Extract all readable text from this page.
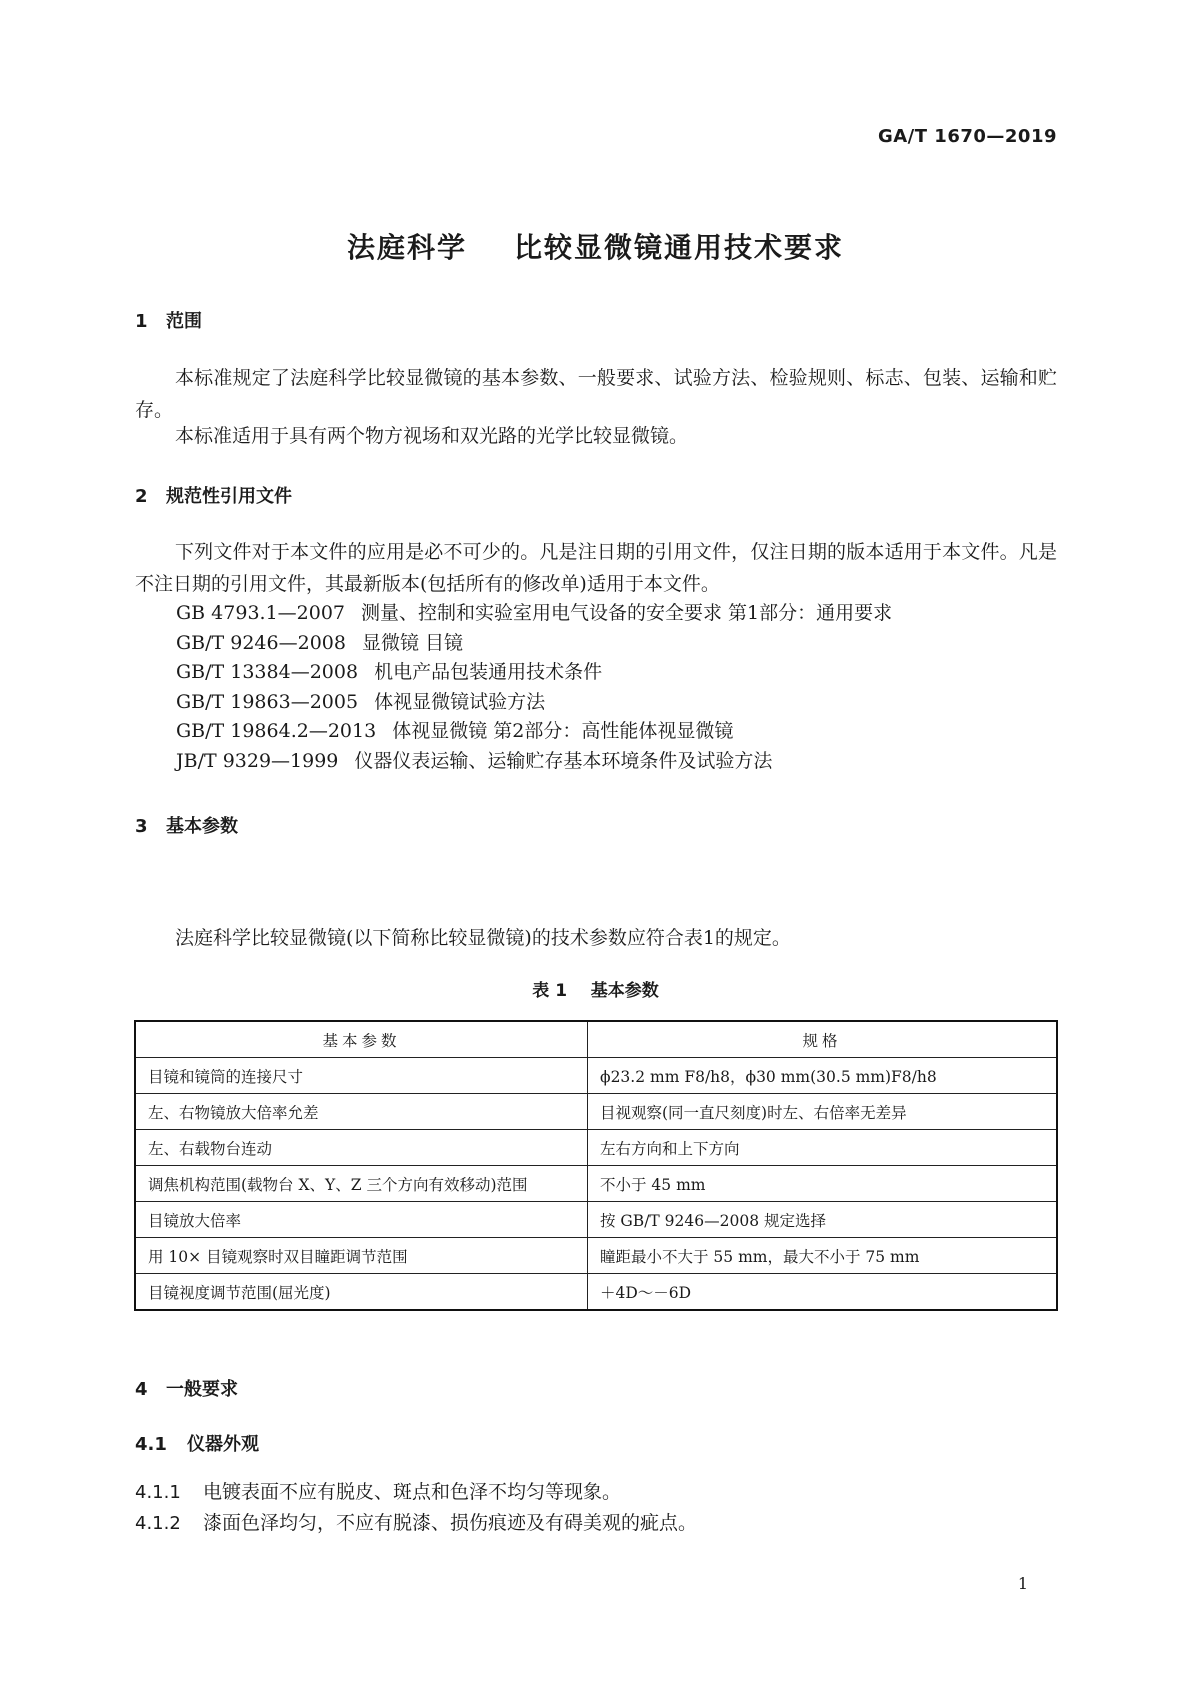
GA/T 1670—2019
法庭科学    比较显微镜通用技术要求
1 范围
本标准规定了法庭科学比较显微镜的基本参数、一般要求、试验方法、检验规则、标志、包装、运输和贮存。
本标准适用于具有两个物方视场和双光路的光学比较显微镜。
2 规范性引用文件
下列文件对于本文件的应用是必不可少的。凡是注日期的引用文件，仅注日期的版本适用于本文件。凡是不注日期的引用文件，其最新版本(包括所有的修改单)适用于本文件。
GB 4793.1—2007 测量、控制和实验室用电气设备的安全要求 第1部分：通用要求
GB/T 9246—2008 显微镜 目镜
GB/T 13384—2008 机电产品包装通用技术条件
GB/T 19863—2005 体视显微镜试验方法
GB/T 19864.2—2013 体视显微镜 第2部分：高性能体视显微镜
JB/T 9329—1999 仪器仪表运输、运输贮存基本环境条件及试验方法
3 基本参数
法庭科学比较显微镜(以下简称比较显微镜)的技术参数应符合表1的规定。
表 1    基本参数
基本参数	规格
目镜和镜筒的连接尺寸	ϕ23.2 mm F8/h8，ϕ30 mm(30.5 mm)F8/h8
左、右物镜放大倍率允差	目视观察(同一直尺刻度)时左、右倍率无差异
左、右载物台连动	左右方向和上下方向
调焦机构范围(载物台 X、Y、Z 三个方向有效移动)范围	不小于 45 mm
目镜放大倍率	按 GB/T 9246—2008 规定选择
用 10× 目镜观察时双目瞳距调节范围	瞳距最小不大于 55 mm，最大不小于 75 mm
目镜视度调节范围(屈光度)	＋4D～－6D
4 一般要求
4.1 仪器外观
4.1.1 电镀表面不应有脱皮、斑点和色泽不均匀等现象。
4.1.2 漆面色泽均匀，不应有脱漆、损伤痕迹及有碍美观的疵点。
1
